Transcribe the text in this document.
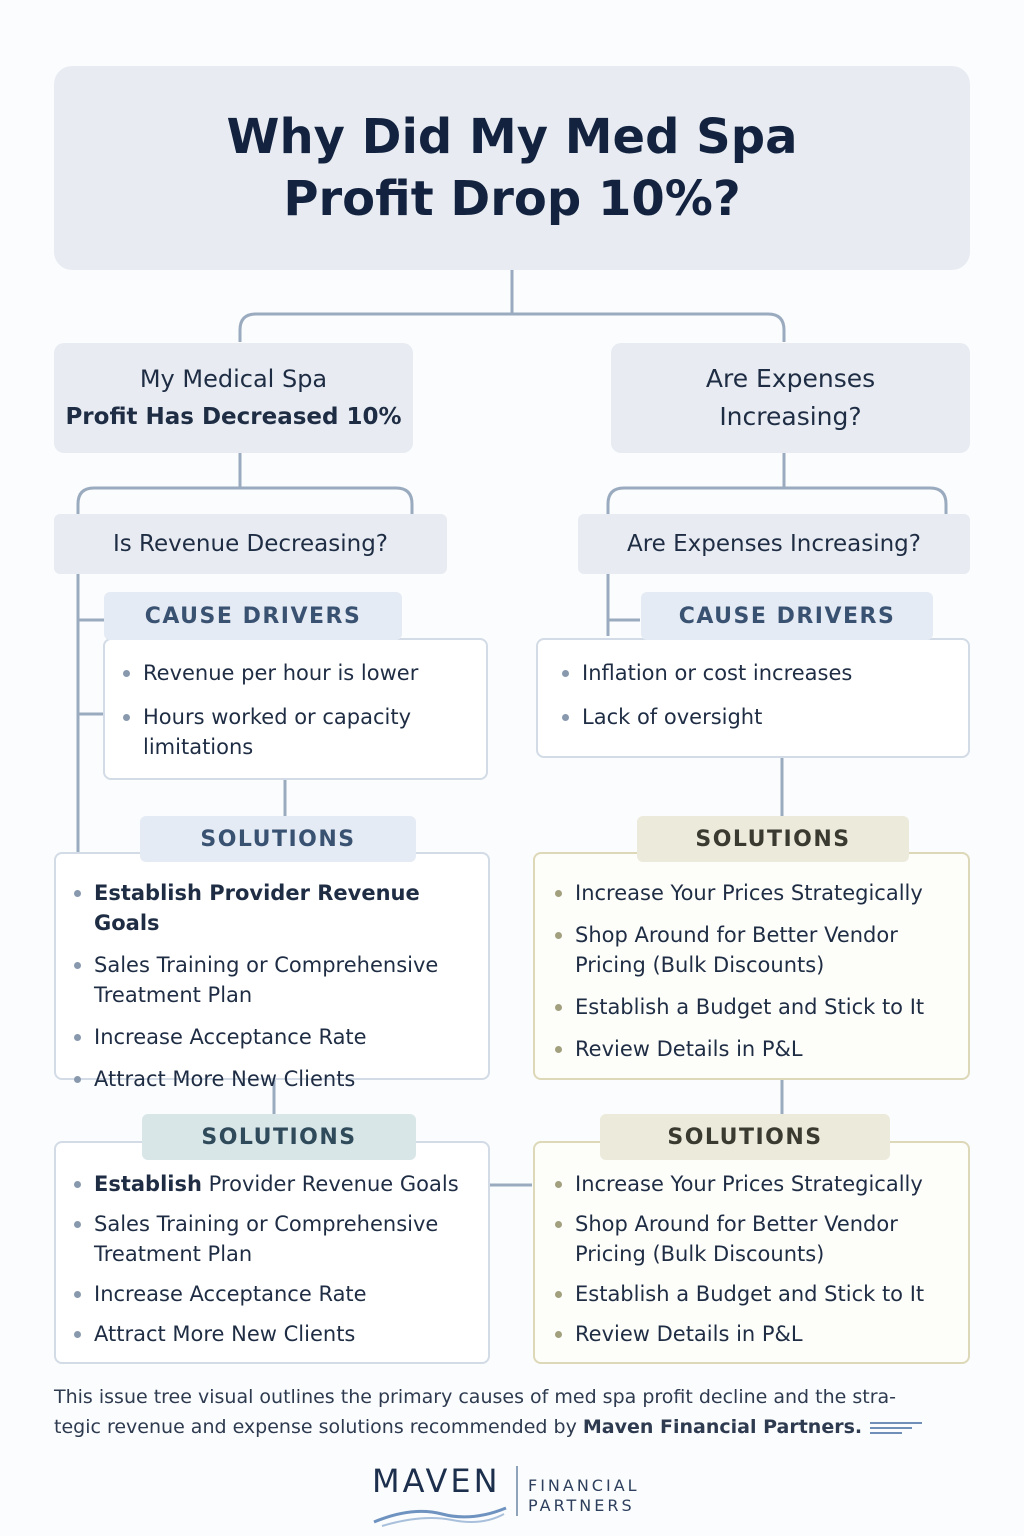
Why Did My Med Spa
Profit Drop 10%?
My Medical Spa
Profit Has Decreased 10%
Are Expenses
Increasing?
Is Revenue Decreasing?	Are Expenses Increasing?
CAUSE DRIVERS
Revenue per hour is lower
Hours worked or capacity
limitations
CAUSE DRIVERS
Inflation or cost increases
Lack of oversight
SOLUTIONS
Establish Provider Revenue Goals
Sales Training or Comprehensive
Treatment Plan
Increase Acceptance Rate
Attract More New Clients
SOLUTIONS
Increase Your Prices Strategically
Shop Around for Better Vendor
Pricing (Bulk Discounts)
Establish a Budget and Stick to It
Review Details in P&L
SOLUTIONS
Establish Provider Revenue Goals
Sales Training or Comprehensive
Treatment Plan
Increase Acceptance Rate
Attract More New Clients
SOLUTIONS
Increase Your Prices Strategically
Shop Around for Better Vendor
Pricing (Bulk Discounts)
Establish a Budget and Stick to It
Review Details in P&L
This issue tree visual outlines the primary causes of med spa profit decline and the stra-
tegic revenue and expense solutions recommended by Maven Financial Partners.
MAVEN FINANCIAL
PARTNERS
